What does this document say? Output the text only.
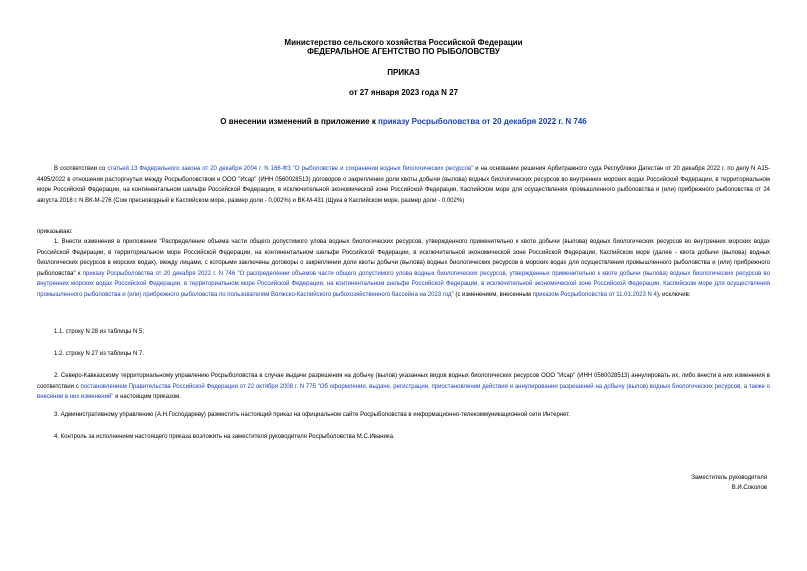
Министерство сельского хозяйства Российской Федерации
ФЕДЕРАЛЬНОЕ АГЕНТСТВО ПО РЫБОЛОВСТВУ
ПРИКАЗ
от 27 января 2023 года N 27
О внесении изменений в приложение к приказу Росрыболовства от 20 декабря 2022 г. N 746

В соответствии со статьей 13 Федерального закона от 20 декабря 2004 г. N 166-ФЗ "О рыболовстве и сохранении водных биологических ресурсов" и на основании решения Арбитражного суда Республики Дагестан от 20 декабря 2022 г. по делу N А15-4495/2022 в отношении расторгнутых между Росрыболовством и ООО "Исар" (ИНН 0560028513) договоров о закреплении доли квоты добычи (вылова) водных биологических ресурсов во внутренних морских водах Российской Федерации, в территориальном море Российской Федерации, на континентальном шельфе Российской Федерации, в исключительной экономической зоне Российской Федерации, Каспийском море для осуществления промышленного рыболовства и (или) прибрежного рыболовства от 24 августа 2018 г. N ВК-М-276 (Сом пресноводный в Каспийском море, размер доли - 0,002%) и ВК-М-431 (Щука в Каспийском море, размер доли - 0,002%)

приказываю:

1. Внести изменения в приложение "Распределение объема части общего допустимого улова водных биологических ресурсов, утвержденного применительно к квоте добычи (вылова) водных биологических ресурсов во внутренних морских водах Российской Федерации, в территориальном море Российской Федерации, на континентальном шельфе Российской Федерации, в исключительной экономической зоне Российской Федерации, Каспийском море (далее - квота добычи (вылова) водных биологических ресурсов в морских водах), между лицами, с которыми заключены договоры о закреплении доли квоты добычи (вылова) водных биологических ресурсов в морских водах для осуществления промышленного рыболовства и (или) прибрежного рыболовства" к приказу Росрыболовства от 20 декабря 2022 г. N 746 "О распределении объемов части общего допустимого улова водных биологических ресурсов, утвержденных применительно к квоте добычи (вылова) водных биологических ресурсов во внутренних морских водах Российской Федерации, в территориальном море Российской Федерации, на континентальном шельфе Российской Федерации, в исключительной экономической зоне Российской Федерации, Каспийском море для осуществления промышленного рыболовства и (или) прибрежного рыболовства по пользователям Волжско-Каспийского рыбохозяйственного бассейна на 2023 год" (с изменением, внесенным приказом Росрыболовства от 11.01.2023 N 4), исключив:

1.1. строку N 28 из таблицы N 5;

1.2. строку N 27 из таблицы N 7.

2. Северо-Кавказскому территориальному управлению Росрыболовства в случае выдачи разрешения на добычу (вылов) указанных видов водных биологических ресурсов ООО "Исар" (ИНН 0560028513) аннулировать их, либо внести в них изменения в соответствии с постановлением Правительства Российской Федерации от 22 октября 2008 г. N 775 "Об оформлении, выдаче, регистрации, приостановлении действия и аннулировании разрешений на добычу (вылов) водных биологических ресурсов, а также о внесении в них изменений" и настоящим приказом.

3. Административному управлению (А.Н.Господареву) разместить настоящий приказ на официальном сайте Росрыболовства в информационно-телекоммуникационной сети Интернет.

4. Контроль за исполнением настоящего приказа возложить на заместителя руководителя Росрыболовства М.С.Иваника.

Заместитель руководителя
В.И.Соколов
